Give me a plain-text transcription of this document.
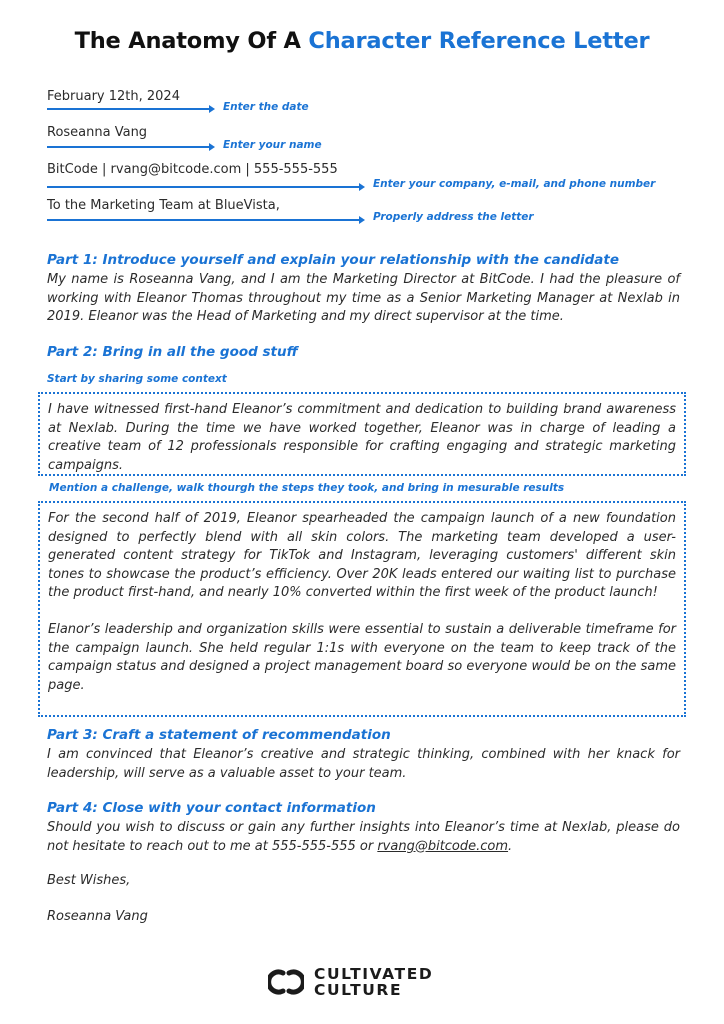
The Anatomy Of A Character Reference Letter
February 12th, 2024
Enter the date
Roseanna Vang
Enter your name
BitCode | rvang@bitcode.com | 555-555-555
Enter your company, e-mail, and phone number
To the Marketing Team at BlueVista,
Properly address the letter
Part 1: Introduce yourself and explain your relationship with the candidate
My name is Roseanna Vang, and I am the Marketing Director at BitCode. I had the pleasure of working with Eleanor Thomas throughout my time as a Senior Marketing Manager at Nexlab in 2019. Eleanor was the Head of Marketing and my direct supervisor at the time.
Part 2: Bring in all the good stuff
Start by sharing some context
I have witnessed first-hand Eleanor’s commitment and dedication to building brand awareness at Nexlab. During the time we have worked together, Eleanor was in charge of leading a creative team of 12 professionals responsible for crafting engaging and strategic marketing campaigns.
Mention a challenge, walk thourgh the steps they took, and bring in mesurable results
For the second half of 2019, Eleanor spearheaded the campaign launch of a new foundation designed to perfectly blend with all skin colors. The marketing team developed a user-generated content strategy for TikTok and Instagram, leveraging customers' different skin tones to showcase the product’s efficiency. Over 20K leads entered our waiting list to purchase the product first-hand, and nearly 10% converted within the first week of the product launch!
Elanor’s leadership and organization skills were essential to sustain a deliverable timeframe for the campaign launch. She held regular 1:1s with everyone on the team to keep track of the campaign status and designed a project management board so everyone would be on the same page.
Part 3: Craft a statement of recommendation
I am convinced that Eleanor’s creative and strategic thinking, combined with her knack for leadership, will serve as a valuable asset to your team.
Part 4: Close with your contact information
Should you wish to discuss or gain any further insights into Eleanor’s time at Nexlab, please do not hesitate to reach out to me at 555-555-555 or rvang@bitcode.com.
Best Wishes,
Roseanna Vang
CULTIVATED
CULTURE
